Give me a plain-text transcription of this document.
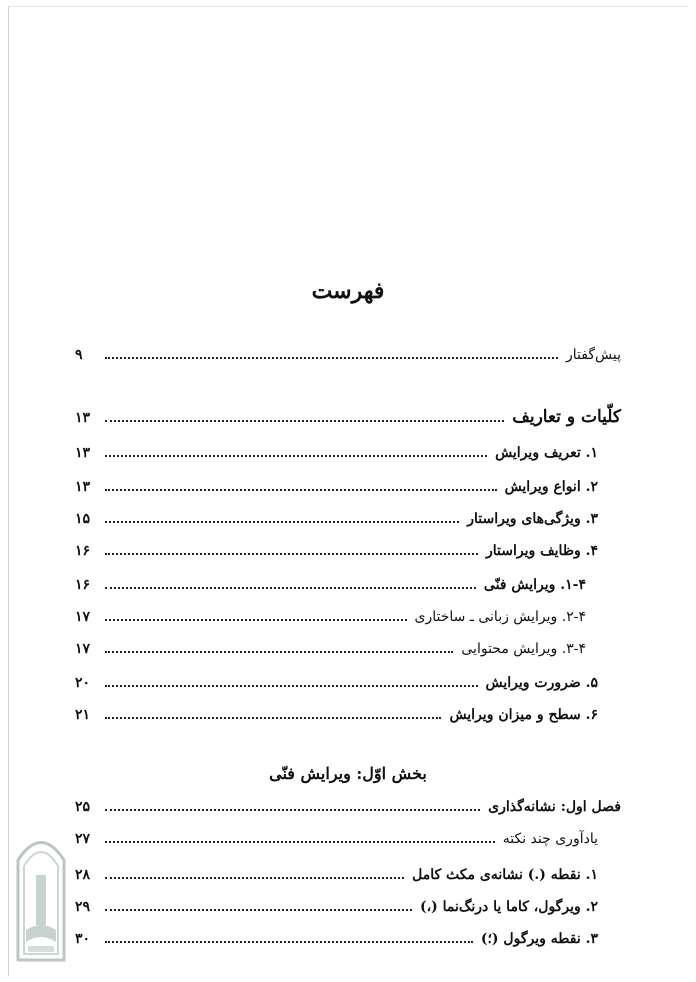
فهرست
پیش‌گفتار
۹
کلّیات و تعاریف
۱۳
۱. تعریف ویرایش
۱۳
۲. انواع ویرایش
۱۳
۳. ویژگی‌های ویراستار
۱۵
۴. وظایف ویراستار
۱۶
۱-۴. ویرایش فنّی
۱۶
۲-۴. ویرایش زبانی ـ ساختاری
۱۷
۳-۴. ویرایش محتوایی
۱۷
۵. ضرورت ویرایش
۲۰
۶. سطح و میزان ویرایش
۲۱
فصل اول: نشانه‌گذاری
۲۵
یادآوری چند نکته
۲۷
۱. نقطه (.) نشانه‌ی مکث کامل
۲۸
۲. ویرگول، کاما یا درنگ‌نما (،)
۲۹
۳. نقطه ویرگول (؛)
۳۰
بخش اوّل: ویرایش فنّی
